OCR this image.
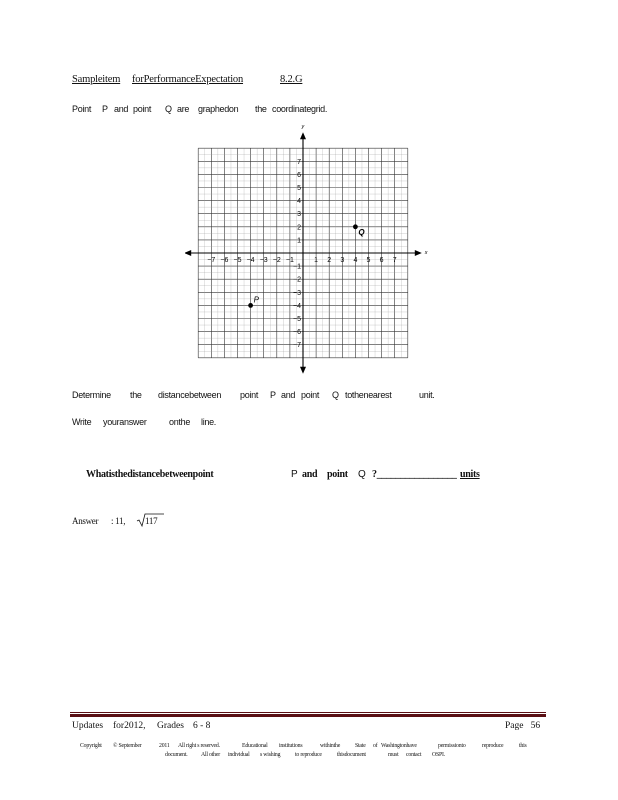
Sampleitem forPerformanceExpectation	8.2.G
Point P and point Q are graphedon the coordinategrid.
x
y
−7 −6 −5 −4 −3 −2 −1	1 2 3 4 5 6 7
7
6
5
4
3
2
1
−1
−2
−3
−4
−5
−6
−7
P
Q
Determine the distancebetween point P and point Q tothenearest	unit.
Write youranswer onthe line.
Whatisthedistancebetweenpoint	P and point Q ?_________________ units
Answer : 11, 117
Updates for2012, Grades 6 - 8	Page   56
Copyright © September	2011 All right s reserved.	Educational institutions	withinthe	State of Washingtonhave	permissionto	reproduce	this
document. All other individual s wishing	to reproduce	thisdocument	must contact OSPI.
